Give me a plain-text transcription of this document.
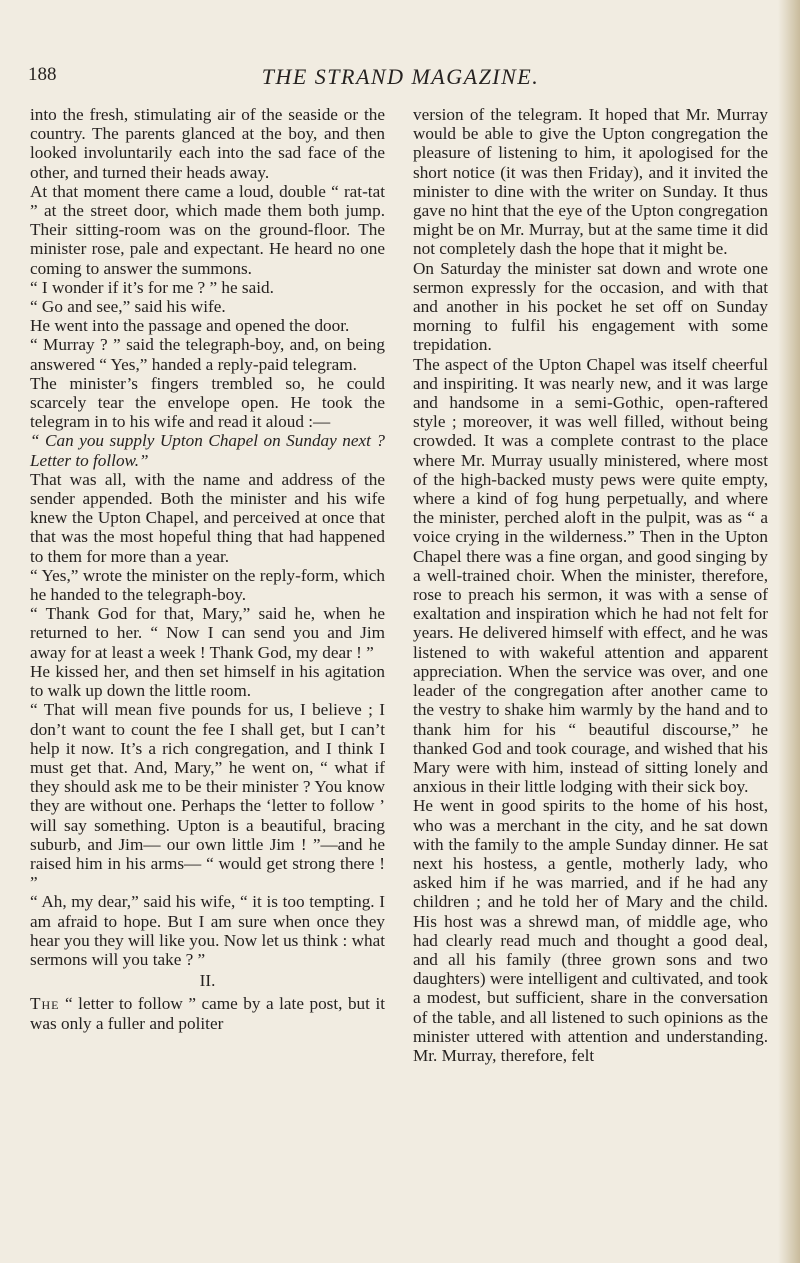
188	THE STRAND MAGAZINE.

into the fresh, stimulating air of the seaside or the country. The parents glanced at the boy, and then looked involuntarily each into the sad face of the other, and turned their heads away.

At that moment there came a loud, double “ rat-tat ” at the street door, which made them both jump. Their sitting-room was on the ground-floor. The minister rose, pale and expectant. He heard no one coming to answer the summons.

“ I wonder if it’s for me ? ” he said.

“ Go and see,” said his wife.

He went into the passage and opened the door.

“ Murray ? ” said the telegraph-boy, and, on being answered “ Yes,” handed a reply-paid telegram.

The minister’s fingers trembled so, he could scarcely tear the envelope open. He took the telegram in to his wife and read it aloud :—

“ Can you supply Upton Chapel on Sunday next ? Letter to follow.”

That was all, with the name and address of the sender appended. Both the minister and his wife knew the Upton Chapel, and perceived at once that that was the most hopeful thing that had happened to them for more than a year.

“ Yes,” wrote the minister on the reply-form, which he handed to the telegraph-boy.

“ Thank God for that, Mary,” said he, when he returned to her. “ Now I can send you and Jim away for at least a week ! Thank God, my dear ! ”

He kissed her, and then set himself in his agitation to walk up down the little room.

“ That will mean five pounds for us, I believe ; I don’t want to count the fee I shall get, but I can’t help it now. It’s a rich congregation, and I think I must get that. And, Mary,” he went on, “ what if they should ask me to be their minister ? You know they are without one. Perhaps the ‘letter to follow ’ will say something. Upton is a beautiful, bracing suburb, and Jim— our own little Jim ! ”—and he raised him in his arms— “ would get strong there ! ”

“ Ah, my dear,” said his wife, “ it is too tempting. I am afraid to hope. But I am sure when once they hear you they will like you. Now let us think : what sermons will you take ? ”

II.

The “ letter to follow ” came by a late post, but it was only a fuller and politer

version of the telegram. It hoped that Mr. Murray would be able to give the Upton congregation the pleasure of listening to him, it apologised for the short notice (it was then Friday), and it invited the minister to dine with the writer on Sunday. It thus gave no hint that the eye of the Upton congregation might be on Mr. Murray, but at the same time it did not completely dash the hope that it might be.

On Saturday the minister sat down and wrote one sermon expressly for the occasion, and with that and another in his pocket he set off on Sunday morning to fulfil his engagement with some trepidation.

The aspect of the Upton Chapel was itself cheerful and inspiriting. It was nearly new, and it was large and handsome in a semi-Gothic, open-raftered style ; moreover, it was well filled, without being crowded. It was a complete contrast to the place where Mr. Murray usually ministered, where most of the high-backed musty pews were quite empty, where a kind of fog hung perpetually, and where the minister, perched aloft in the pulpit, was as “ a voice crying in the wilderness.” Then in the Upton Chapel there was a fine organ, and good singing by a well-trained choir. When the minister, therefore, rose to preach his sermon, it was with a sense of exaltation and inspiration which he had not felt for years. He delivered himself with effect, and he was listened to with wakeful attention and apparent appreciation. When the service was over, and one leader of the congregation after another came to the vestry to shake him warmly by the hand and to thank him for his “ beautiful discourse,” he thanked God and took courage, and wished that his Mary were with him, instead of sitting lonely and anxious in their little lodging with their sick boy.

He went in good spirits to the home of his host, who was a merchant in the city, and he sat down with the family to the ample Sunday dinner. He sat next his hostess, a gentle, motherly lady, who asked him if he was married, and if he had any children ; and he told her of Mary and the child. His host was a shrewd man, of middle age, who had clearly read much and thought a good deal, and all his family (three grown sons and two daughters) were intelligent and cultivated, and took a modest, but sufficient, share in the conversation of the table, and all listened to such opinions as the minister uttered with attention and understanding. Mr. Murray, therefore, felt
